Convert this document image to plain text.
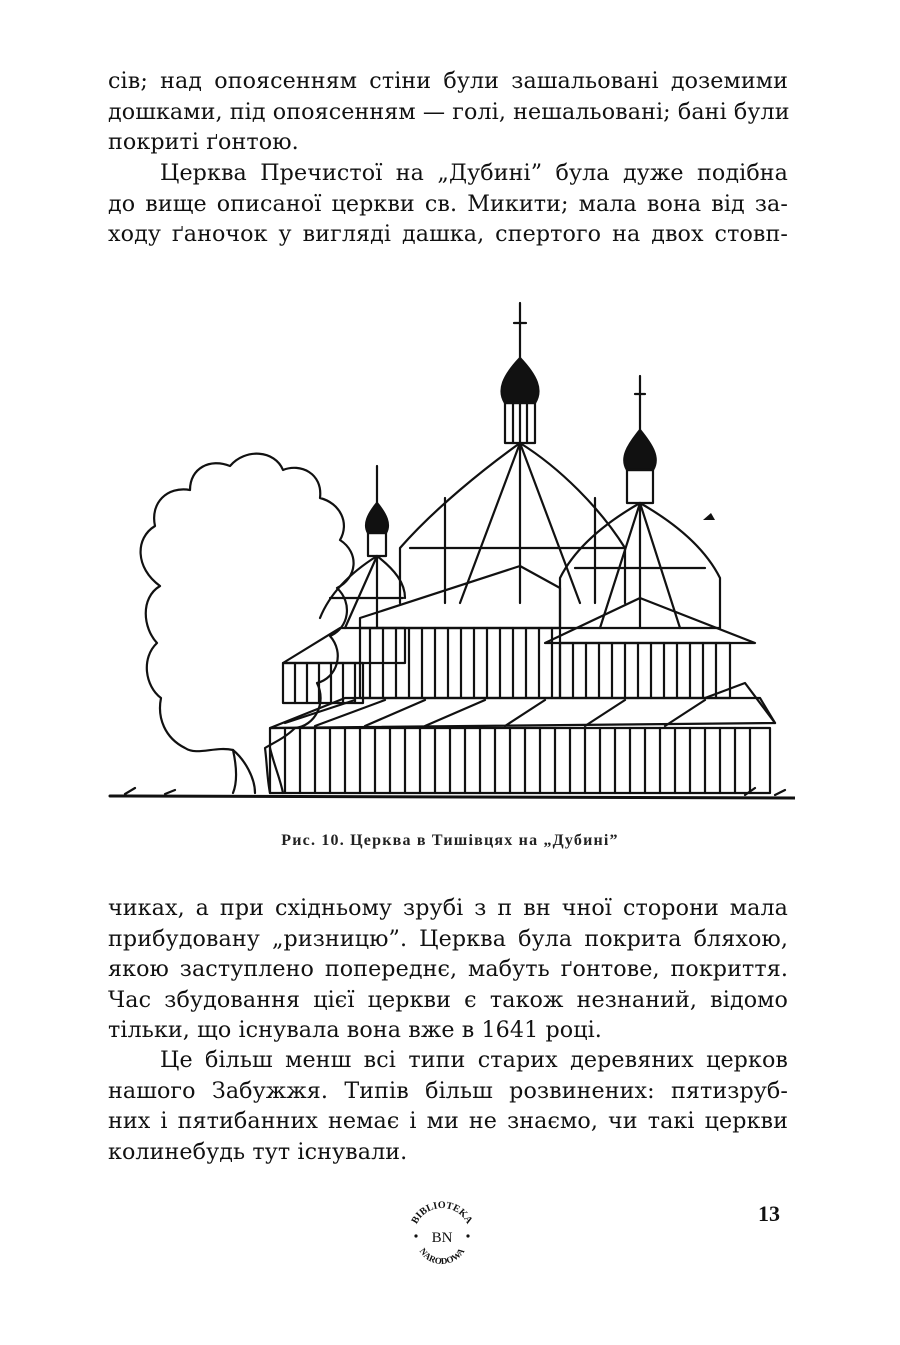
сів; над опоясенням стіни були зашальовані доземими
дошками, під опоясенням — голі, нешальовані; бані були
покриті ґонтою.

Церква Пречистої на „Дубині” була дуже подібна
до вище описаної церкви св. Микити; мала вона від за-
ходу ґаночок у вигляді дашка, спертого на двох стовп-

Рис. 10. Церква в Тишівцях на „Дубині”

чиках, а при східньому зрубі з п вн чної сторони мала
прибудовану „ризницю”. Церква була покрита бляхою,
якою заступлено попереднє, мабуть ґонтове, покриття.
Час збудовання цієї церкви є також незнаний, відомо
тільки, що існувала вона вже в 1641 році.

Це більш менш всі типи старих деревяних церков
нашого Забужжя. Типів більш розвинених: пятизруб-
них і пятибанних немає і ми не знаємо, чи такі церкви
колинебудь тут існували.

13
BIBLIOTEKA
BN
NARODOWA
